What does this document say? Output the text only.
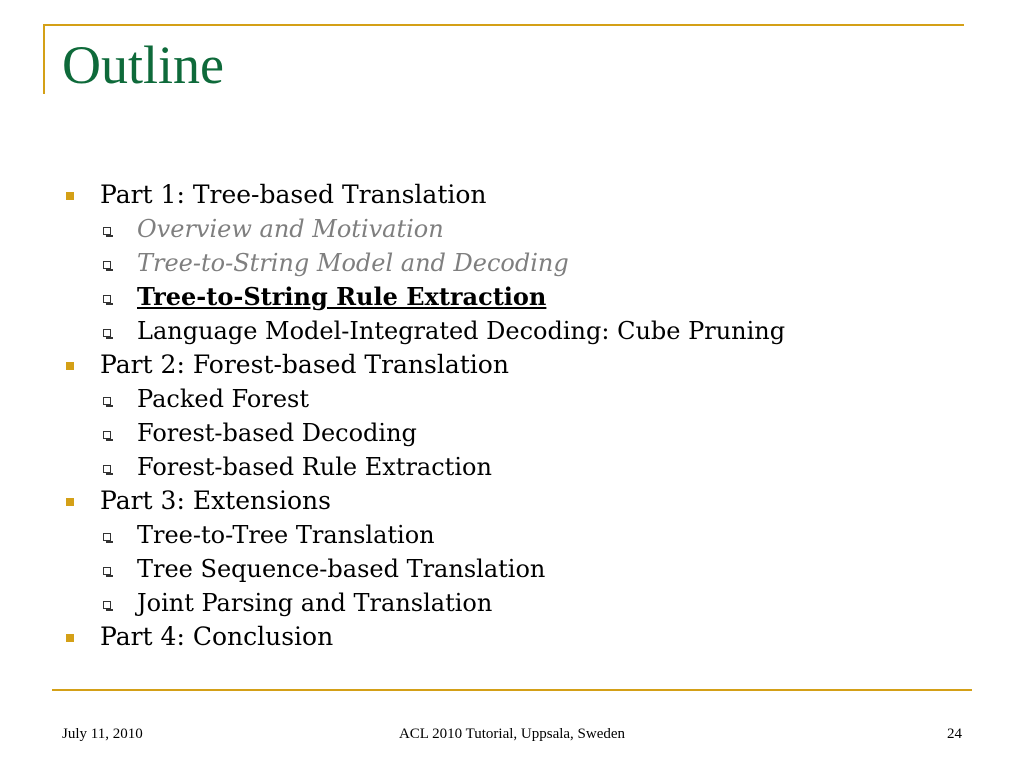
Outline
Part 1: Tree-based Translation
Overview and Motivation
Tree-to-String Model and Decoding
Tree-to-String Rule Extraction
Language Model-Integrated Decoding: Cube Pruning
Part 2: Forest-based Translation
Packed Forest
Forest-based Decoding
Forest-based Rule Extraction
Part 3: Extensions
Tree-to-Tree Translation
Tree Sequence-based Translation
Joint Parsing and Translation
Part 4: Conclusion
July 11, 2010	ACL 2010 Tutorial, Uppsala, Sweden	24
